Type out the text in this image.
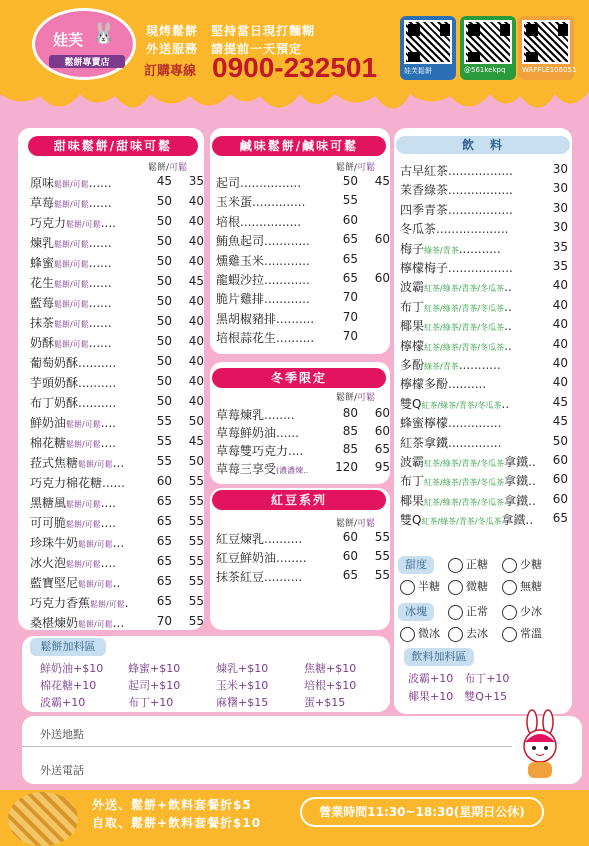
娃芙 🐰
鬆餅專賣店
現烤鬆餅　堅持當日現打麵糊
外送服務　請提前一天預定
訂購專線 0900-232501	娃芙鬆餅	@561kekpq	WAFFLE106051
甜味鬆餅/甜味可鬆
鬆餅/可鬆
原味鬆餅/可鬆......	45	35
草莓鬆餅/可鬆......	50	40
巧克力鬆餅/可鬆....	50	40
煉乳鬆餅/可鬆......	50	40
蜂蜜鬆餅/可鬆......	50	40
花生鬆餅/可鬆......	50	45
藍莓鬆餅/可鬆......	50	40
抹茶鬆餅/可鬆......	50	40
奶酥鬆餅/可鬆......	50	40
葡萄奶酥..........	50	40
芋頭奶酥..........	50	40
布丁奶酥..........	50	40
鮮奶油鬆餅/可鬆....	55	50
棉花糖鬆餅/可鬆....	55	45
菈式焦糖鬆餅/可鬆...	55	50
巧克力棉花糖......	60	55
黑糖風鬆餅/可鬆....	65	55
可可脆鬆餅/可鬆....	65	55
珍珠牛奶鬆餅/可鬆...	65	55
冰火泡鬆餅/可鬆....	65	55
藍寶堅尼鬆餅/可鬆..	65	55
巧克力香蕉鬆餅/可鬆.	65	55
桑椹煉奶鬆餅/可鬆...	70	55
鹹味鬆餅/鹹味可鬆
鬆餅/可鬆
起司................	50	45
玉米蛋..............	55
培根................	60
鮪魚起司............	65	60
燻雞玉米............	65
龍蝦沙拉............	65	60
脆片雞排............	70
黑胡椒豬排..........	70
培根蒜花生..........	70
冬季限定
鬆餅/可鬆
草莓煉乳........	80	60
草莓鮮奶油......	85	60
草莓雙巧克力....	85	65
草莓三享受(濃濃煉.. 120	95
紅豆系列
鬆餅/可鬆
紅豆煉乳..........	60	55
紅豆鮮奶油........	60	55
抹茶紅豆..........	65	55
飲　料
古早紅茶.................	30
茉香綠茶.................	30
四季青茶.................	30
冬瓜茶...................	30
梅子綠茶/青茶...........	35
檸檬梅子.................	35
波霸紅茶/綠茶/青茶/冬瓜茶..	40
布丁紅茶/綠茶/青茶/冬瓜茶..	40
椰果紅茶/綠茶/青茶/冬瓜茶..	40
檸檬紅茶/綠茶/青茶/冬瓜茶..	40
多酚綠茶/青茶...........	40
檸檬多酚..........	40
雙Q紅茶/綠茶/青茶/冬瓜茶..	45
蜂蜜檸檬..............	45
紅茶拿鐵..............	50
波霸紅茶/綠茶/青茶/冬瓜茶拿鐵..	60
布丁紅茶/綠茶/青茶/冬瓜茶拿鐵..	60
椰果紅茶/綠茶/青茶/冬瓜茶拿鐵..	60
雙Q紅茶/綠茶/青茶/冬瓜茶拿鐵..	65
甜度	正糖	少糖
半糖	微糖	無糖
冰塊	正常	少冰
微冰	去冰	常溫
飲料加料區
波霸+10　布丁+10
椰果+10　雙Q+15
鬆餅加料區
鮮奶油+$10 蜂蜜+$10	煉乳+$10	焦糖+$10
棉花糖+10	起司+$10	玉米+$10	培根+$10
波霸+10	布丁+10	麻糬+$15	蛋+$15
外送地點
外送電話
外送、鬆餅+飲料套餐折$5
自取、鬆餅+飲料套餐折$10
營業時間11:30~18:30(星期日公休)
